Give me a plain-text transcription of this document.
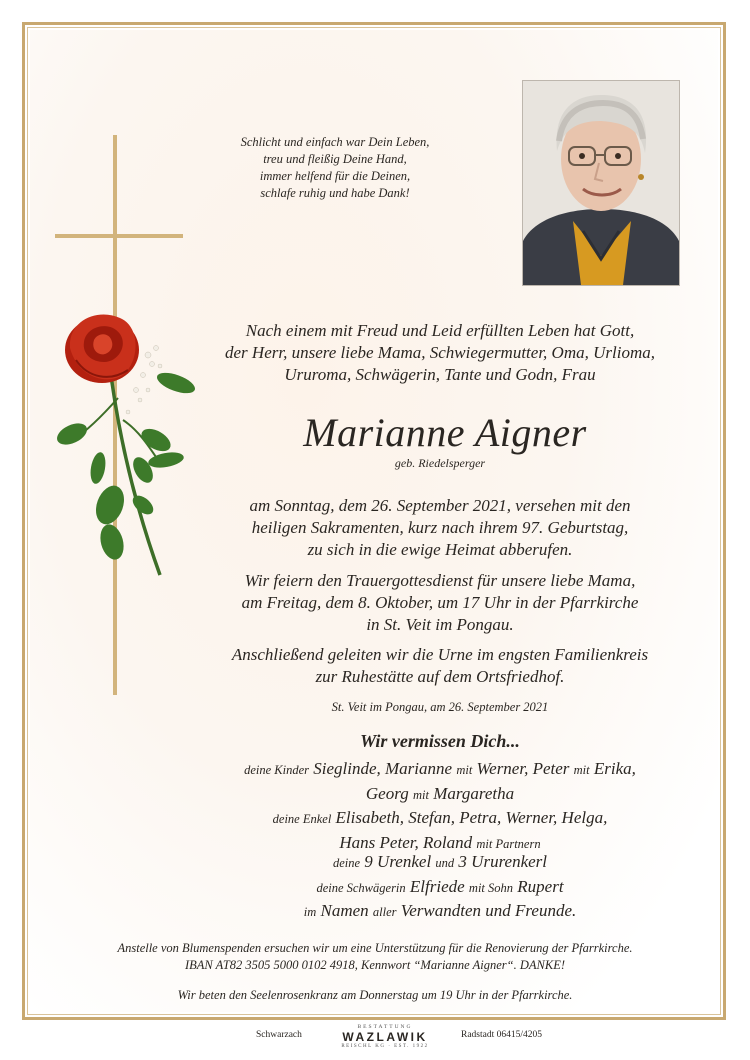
Schlicht und einfach war Dein Leben,
treu und fleißig Deine Hand,
immer helfend für die Deinen,
schlafe ruhig und habe Dank!
Nach einem mit Freud und Leid erfüllten Leben hat Gott,
der Herr, unsere liebe Mama, Schwiegermutter, Oma, Urlioma,
Ururoma, Schwägerin, Tante und Godn, Frau
Marianne Aigner
geb. Riedelsperger
am Sonntag, dem 26. September 2021, versehen mit den
heiligen Sakramenten, kurz nach ihrem 97. Geburtstag,
zu sich in die ewige Heimat abberufen.
Wir feiern den Trauergottesdienst für unsere liebe Mama,
am Freitag, dem 8. Oktober, um 17 Uhr in der Pfarrkirche
in St. Veit im Pongau.
Anschließend geleiten wir die Urne im engsten Familienkreis
zur Ruhestätte auf dem Ortsfriedhof.
St. Veit im Pongau, am 26. September 2021
Wir vermissen Dich...
deine Kinder Sieglinde, Marianne mit Werner, Peter mit Erika,
Georg mit Margaretha
deine Enkel Elisabeth, Stefan, Petra, Werner, Helga,
Hans Peter, Roland mit Partnern
deine 9 Urenkel und 3 Ururenkerl
deine Schwägerin Elfriede mit Sohn Rupert
im Namen aller Verwandten und Freunde.
Anstelle von Blumenspenden ersuchen wir um eine Unterstützung für die Renovierung der Pfarrkirche.
IBAN AT82 3505 5000 0102 4918, Kennwort “Marianne Aigner“. DANKE!
Wir beten den Seelenrosenkranz am Donnerstag um 19 Uhr in der Pfarrkirche.
Schwarzach
BESTATTUNG
WAZLAWIK
REISCHL KG · EST. 1922
Radstadt 06415/4205
